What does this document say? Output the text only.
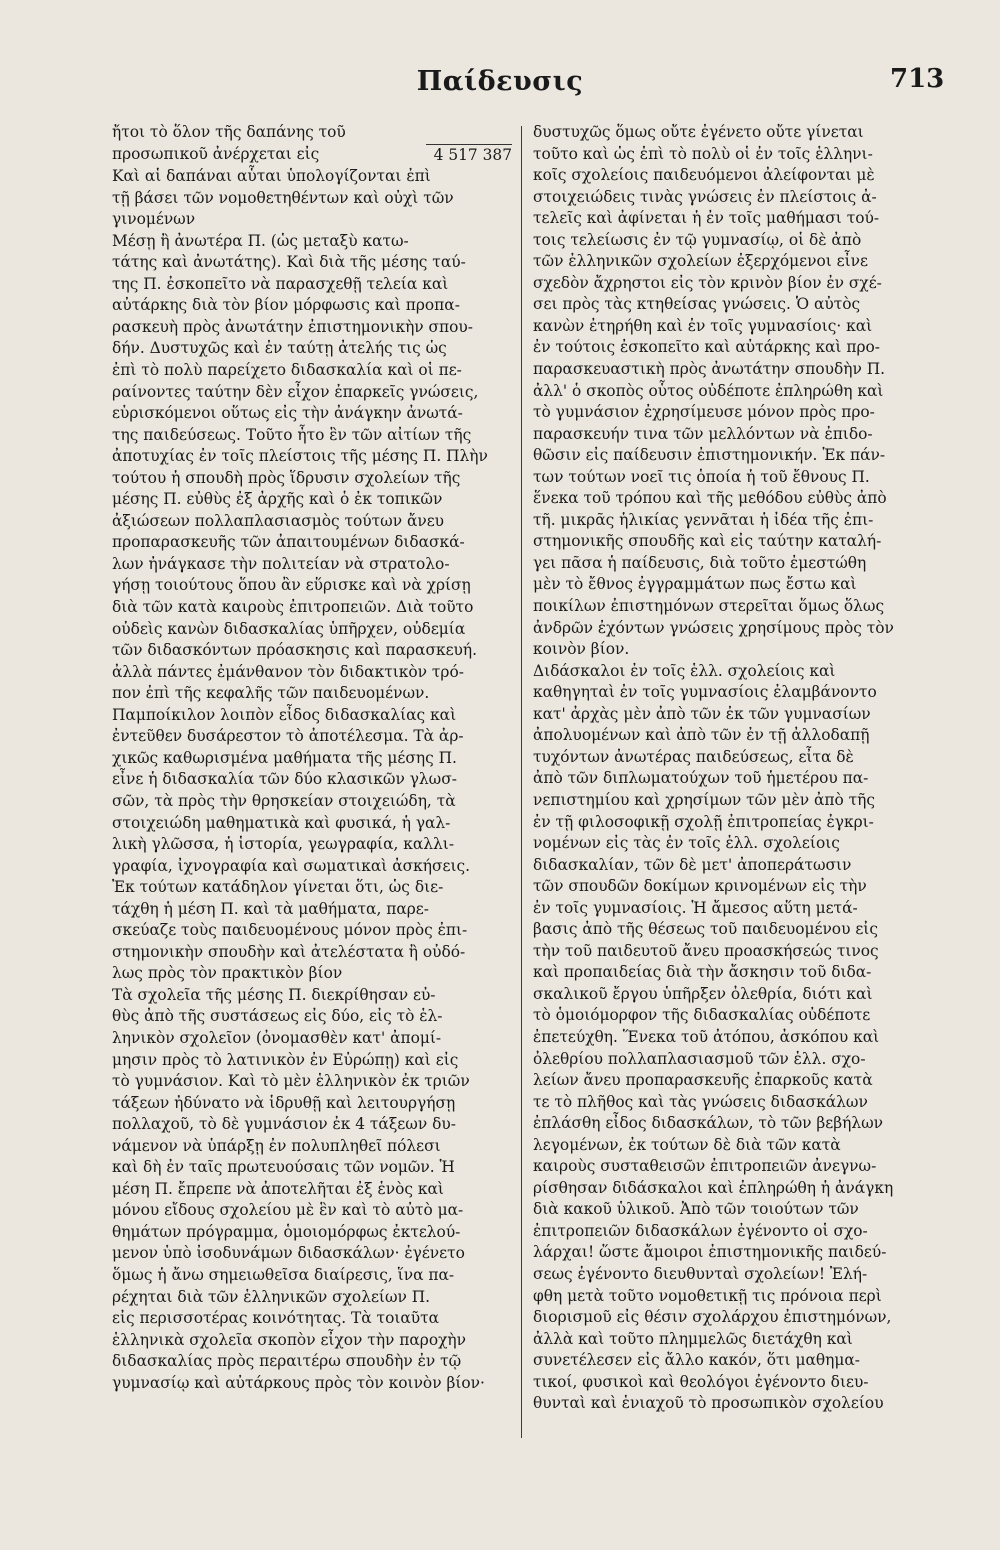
Παίδευσις	713

ἤτοι τὸ ὅλον τῆς δαπάνης τοῦ

προσωπικοῦ ἀνέρχεται εἰς	4 517 387

Καὶ αἱ δαπάναι αὗται ὑπολογίζονται ἐπὶ

τῇ βάσει τῶν νομοθετηθέντων καὶ οὐχὶ τῶν

γινομένων

Μέσῃ ἢ ἀνωτέρα Π. (ὡς μεταξὺ κατω-

τάτης καὶ ἀνωτάτης). Καὶ διὰ τῆς μέσης ταύ-

της Π. ἐσκοπεῖτο νὰ παρασχεθῇ τελεία καὶ

αὐτάρκης διὰ τὸν βίον μόρφωσις καὶ προπα-

ρασκευὴ πρὸς ἀνωτάτην ἐπιστημονικὴν σπου-

δήν. Δυστυχῶς καὶ ἐν ταύτῃ ἀτελής τις ὡς

ἐπὶ τὸ πολὺ παρείχετο διδασκαλία καὶ οἱ πε-

ραίνοντες ταύτην δὲν εἶχον ἐπαρκεῖς γνώσεις,

εὑρισκόμενοι οὕτως εἰς τὴν ἀνάγκην ἀνωτά-

της παιδεύσεως. Τοῦτο ἦτο ἓν τῶν αἰτίων τῆς

ἀποτυχίας ἐν τοῖς πλείστοις τῆς μέσης Π. Πλὴν

τούτου ἡ σπουδὴ πρὸς ἵδρυσιν σχολείων τῆς

μέσης Π. εὐθὺς ἐξ ἀρχῆς καὶ ὁ ἐκ τοπικῶν

ἀξιώσεων πολλαπλασιασμὸς τούτων ἄνευ

προπαρασκευῆς τῶν ἀπαιτουμένων διδασκά-

λων ἠνάγκασε τὴν πολιτείαν νὰ στρατολο-

γήσῃ τοιούτους ὅπου ἂν εὕρισκε καὶ νὰ χρίσῃ

διὰ τῶν κατὰ καιροὺς ἐπιτροπειῶν. Διὰ τοῦτο

οὐδεὶς κανὼν διδασκαλίας ὑπῆρχεν, οὐδεμία

τῶν διδασκόντων πρόασκησις καὶ παρασκευή.

ἀλλὰ πάντες ἐμάνθανον τὸν διδακτικὸν τρό-

πον ἐπὶ τῆς κεφαλῆς τῶν παιδευομένων.

Παμποίκιλον λοιπὸν εἶδος διδασκαλίας καὶ

ἐντεῦθεν δυσάρεστον τὸ ἀποτέλεσμα. Τὰ ἀρ-

χικῶς καθωρισμένα μαθήματα τῆς μέσης Π.

εἶνε ἡ διδασκαλία τῶν δύο κλασικῶν γλωσ-

σῶν, τὰ πρὸς τὴν θρησκείαν στοιχειώδη, τὰ

στοιχειώδη μαθηματικὰ καὶ φυσικά, ἡ γαλ-

λικὴ γλῶσσα, ἡ ἱστορία, γεωγραφία, καλλι-

γραφία, ἰχνογραφία καὶ σωματικαὶ ἀσκήσεις.

Ἐκ τούτων κατάδηλον γίνεται ὅτι, ὡς διε-

τάχθη ἡ μέση Π. καὶ τὰ μαθήματα, παρε-

σκεύαζε τοὺς παιδευομένους μόνον πρὸς ἐπι-

στημονικὴν σπουδὴν καὶ ἀτελέστατα ἢ οὐδό-

λως πρὸς τὸν πρακτικὸν βίον

Τὰ σχολεῖα τῆς μέσης Π. διεκρίθησαν εὐ-

θὺς ἀπὸ τῆς συστάσεως εἰς δύο, εἰς τὸ ἑλ-

ληνικὸν σχολεῖον (ὀνομασθὲν κατ' ἀπομί-

μησιν πρὸς τὸ λατινικὸν ἐν Εὐρώπῃ) καὶ εἰς

τὸ γυμνάσιον. Καὶ τὸ μὲν ἑλληνικὸν ἐκ τριῶν

τάξεων ἠδύνατο νὰ ἱδρυθῇ καὶ λειτουργήσῃ

πολλαχοῦ, τὸ δὲ γυμνάσιον ἐκ 4 τάξεων δυ-

νάμενον νὰ ὑπάρξῃ ἐν πολυπληθεῖ πόλεσι

καὶ δὴ ἐν ταῖς πρωτευούσαις τῶν νομῶν. Ἡ

μέση Π. ἔπρεπε νὰ ἀποτελῆται ἐξ ἑνὸς καὶ

μόνου εἴδους σχολείου μὲ ἓν καὶ τὸ αὐτὸ μα-

θημάτων πρόγραμμα, ὁμοιομόρφως ἐκτελού-

μενον ὑπὸ ἰσοδυνάμων διδασκάλων· ἐγένετο

ὅμως ἡ ἄνω σημειωθεῖσα διαίρεσις, ἵνα πα-

ρέχηται διὰ τῶν ἑλληνικῶν σχολείων Π.

εἰς περισσοτέρας κοινότητας. Τὰ τοιαῦτα

ἑλληνικὰ σχολεῖα σκοπὸν εἶχον τὴν παροχὴν

διδασκαλίας πρὸς περαιτέρω σπουδὴν ἐν τῷ

γυμνασίῳ καὶ αὐτάρκους πρὸς τὸν κοινὸν βίον·

δυστυχῶς ὅμως οὔτε ἐγένετο οὔτε γίνεται

τοῦτο καὶ ὡς ἐπὶ τὸ πολὺ οἱ ἐν τοῖς ἑλληνι-

κοῖς σχολείοις παιδευόμενοι ἀλείφονται μὲ

στοιχειώδεις τινὰς γνώσεις ἐν πλείστοις ἀ-

τελεῖς καὶ ἀφίνεται ἡ ἐν τοῖς μαθήμασι τού-

τοις τελείωσις ἐν τῷ γυμνασίῳ, οἱ δὲ ἀπὸ

τῶν ἑλληνικῶν σχολείων ἐξερχόμενοι εἶνε

σχεδὸν ἄχρηστοι εἰς τὸν κρινὸν βίον ἐν σχέ-

σει πρὸς τὰς κτηθείσας γνώσεις. Ὁ αὐτὸς

κανὼν ἐτηρήθη καὶ ἐν τοῖς γυμνασίοις· καὶ

ἐν τούτοις ἐσκοπεῖτο καὶ αὐτάρκης καὶ προ-

παρασκευαστικὴ πρὸς ἀνωτάτην σπουδὴν Π.

ἀλλ' ὁ σκοπὸς οὗτος οὐδέποτε ἐπληρώθη καὶ

τὸ γυμνάσιον ἐχρησίμευσε μόνον πρὸς προ-

παρασκευήν τινα τῶν μελλόντων νὰ ἐπιδο-

θῶσιν εἰς παίδευσιν ἐπιστημονικήν. Ἐκ πάν-

των τούτων νοεῖ τις ὁποία ἡ τοῦ ἔθνους Π.

ἕνεκα τοῦ τρόπου καὶ τῆς μεθόδου εὐθὺς ἀπὸ

τῆ. μικρᾶς ἡλικίας γεννᾶται ἡ ἰδέα τῆς ἐπι-

στημονικῆς σπουδῆς καὶ εἰς ταύτην καταλή-

γει πᾶσα ἡ παίδευσις, διὰ τοῦτο ἐμεστώθη

μὲν τὸ ἔθνος ἐγγραμμάτων πως ἔστω καὶ

ποικίλων ἐπιστημόνων στερεῖται ὅμως ὅλως

ἀνδρῶν ἐχόντων γνώσεις χρησίμους πρὸς τὸν

κοινὸν βίον.

Διδάσκαλοι ἐν τοῖς ἑλλ. σχολείοις καὶ

καθηγηταὶ ἐν τοῖς γυμνασίοις ἐλαμβάνοντο

κατ' ἀρχὰς μὲν ἀπὸ τῶν ἐκ τῶν γυμνασίων

ἀπολυομένων καὶ ἀπὸ τῶν ἐν τῇ ἀλλοδαπῇ

τυχόντων ἀνωτέρας παιδεύσεως, εἶτα δὲ

ἀπὸ τῶν διπλωματούχων τοῦ ἡμετέρου πα-

νεπιστημίου καὶ χρησίμων τῶν μὲν ἀπὸ τῆς

ἐν τῇ φιλοσοφικῇ σχολῇ ἐπιτροπείας ἐγκρι-

νομένων εἰς τὰς ἐν τοῖς ἑλλ. σχολείοις

διδασκαλίαν, τῶν δὲ μετ' ἀποπεράτωσιν

τῶν σπουδῶν δοκίμων κρινομένων εἰς τὴν

ἐν τοῖς γυμνασίοις. Ἡ ἄμεσος αὕτη μετά-

βασις ἀπὸ τῆς θέσεως τοῦ παιδευομένου εἰς

τὴν τοῦ παιδευτοῦ ἄνευ προασκήσεώς τινος

καὶ προπαιδείας διὰ τὴν ἄσκησιν τοῦ διδα-

σκαλικοῦ ἔργου ὑπῆρξεν ὀλεθρία, διότι καὶ

τὸ ὁμοιόμορφον τῆς διδασκαλίας οὐδέποτε

ἐπετεύχθη. Ἕνεκα τοῦ ἀτόπου, ἀσκόπου καὶ

ὀλεθρίου πολλαπλασιασμοῦ τῶν ἑλλ. σχο-

λείων ἄνευ προπαρασκευῆς ἐπαρκοῦς κατὰ

τε τὸ πλῆθος καὶ τὰς γνώσεις διδασκάλων

ἐπλάσθη εἶδος διδασκάλων, τὸ τῶν βεβήλων

λεγομένων, ἐκ τούτων δὲ διὰ τῶν κατὰ

καιροὺς συσταθεισῶν ἐπιτροπειῶν ἀνεγνω-

ρίσθησαν διδάσκαλοι καὶ ἐπληρώθη ἡ ἀνάγκη

διὰ κακοῦ ὑλικοῦ. Ἀπὸ τῶν τοιούτων τῶν

ἐπιτροπειῶν διδασκάλων ἐγένοντο οἱ σχο-

λάρχαι! ὥστε ἄμοιροι ἐπιστημονικῆς παιδεύ-

σεως ἐγένοντο διευθυνταὶ σχολείων! Ἐλή-

φθη μετὰ τοῦτο νομοθετικῇ τις πρόνοια περὶ

διορισμοῦ εἰς θέσιν σχολάρχου ἐπιστημόνων,

ἀλλὰ καὶ τοῦτο πλημμελῶς διετάχθη καὶ

συνετέλεσεν εἰς ἄλλο κακόν, ὅτι μαθημα-

τικοί, φυσικοὶ καὶ θεολόγοι ἐγένοντο διευ-

θυνταὶ καὶ ἑνιαχοῦ τὸ προσωπικὸν σχολείου
